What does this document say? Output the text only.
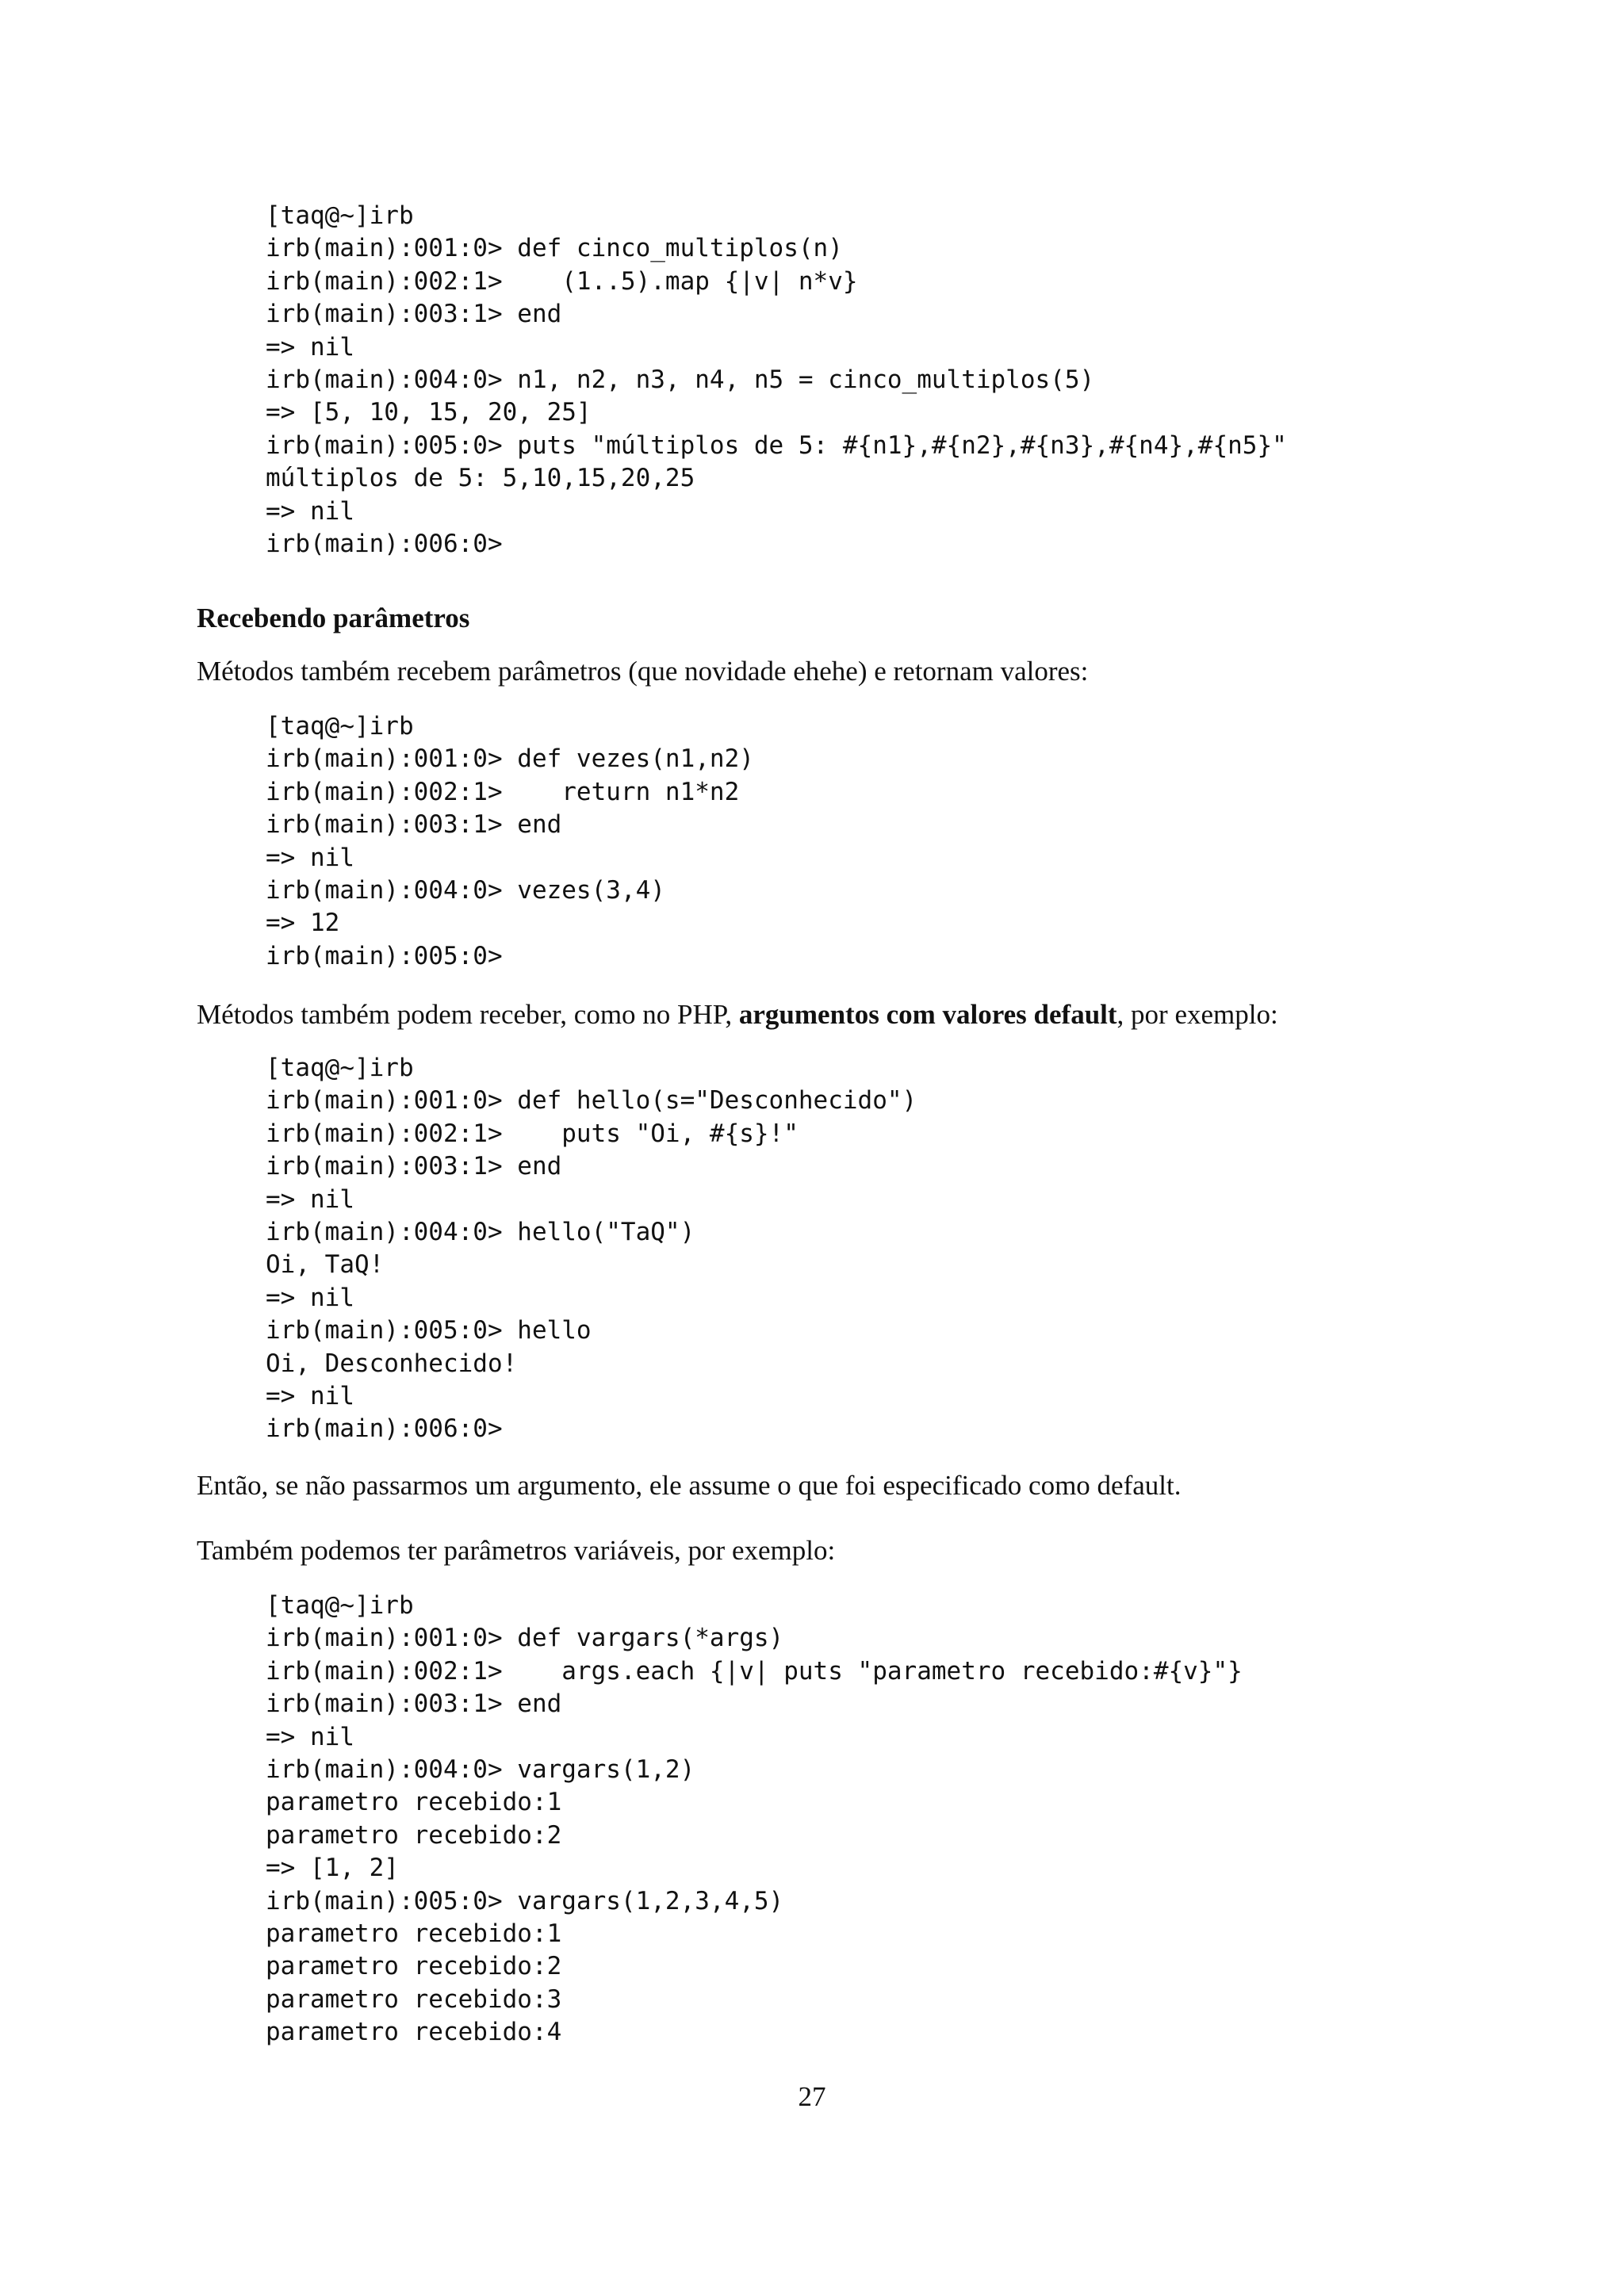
[taq@~]irb
irb(main):001:0> def cinco_multiplos(n)
irb(main):002:1>    (1..5).map {|v| n*v}
irb(main):003:1> end
=> nil
irb(main):004:0> n1, n2, n3, n4, n5 = cinco_multiplos(5)
=> [5, 10, 15, 20, 25]
irb(main):005:0> puts "múltiplos de 5: #{n1},#{n2},#{n3},#{n4},#{n5}"
múltiplos de 5: 5,10,15,20,25
=> nil
irb(main):006:0>
Recebendo parâmetros
Métodos também recebem parâmetros (que novidade ehehe) e retornam valores:
[taq@~]irb
irb(main):001:0> def vezes(n1,n2)
irb(main):002:1>    return n1*n2
irb(main):003:1> end
=> nil
irb(main):004:0> vezes(3,4)
=> 12
irb(main):005:0>
Métodos também podem receber, como no PHP, argumentos com valores default, por exemplo:
[taq@~]irb
irb(main):001:0> def hello(s="Desconhecido")
irb(main):002:1>    puts "Oi, #{s}!"
irb(main):003:1> end
=> nil
irb(main):004:0> hello("TaQ")
Oi, TaQ!
=> nil
irb(main):005:0> hello
Oi, Desconhecido!
=> nil
irb(main):006:0>
Então, se não passarmos um argumento, ele assume o que foi especificado como default.
Também podemos ter parâmetros variáveis, por exemplo:
[taq@~]irb
irb(main):001:0> def vargars(*args)
irb(main):002:1>    args.each {|v| puts "parametro recebido:#{v}"}
irb(main):003:1> end
=> nil
irb(main):004:0> vargars(1,2)
parametro recebido:1
parametro recebido:2
=> [1, 2]
irb(main):005:0> vargars(1,2,3,4,5)
parametro recebido:1
parametro recebido:2
parametro recebido:3
parametro recebido:4
27
